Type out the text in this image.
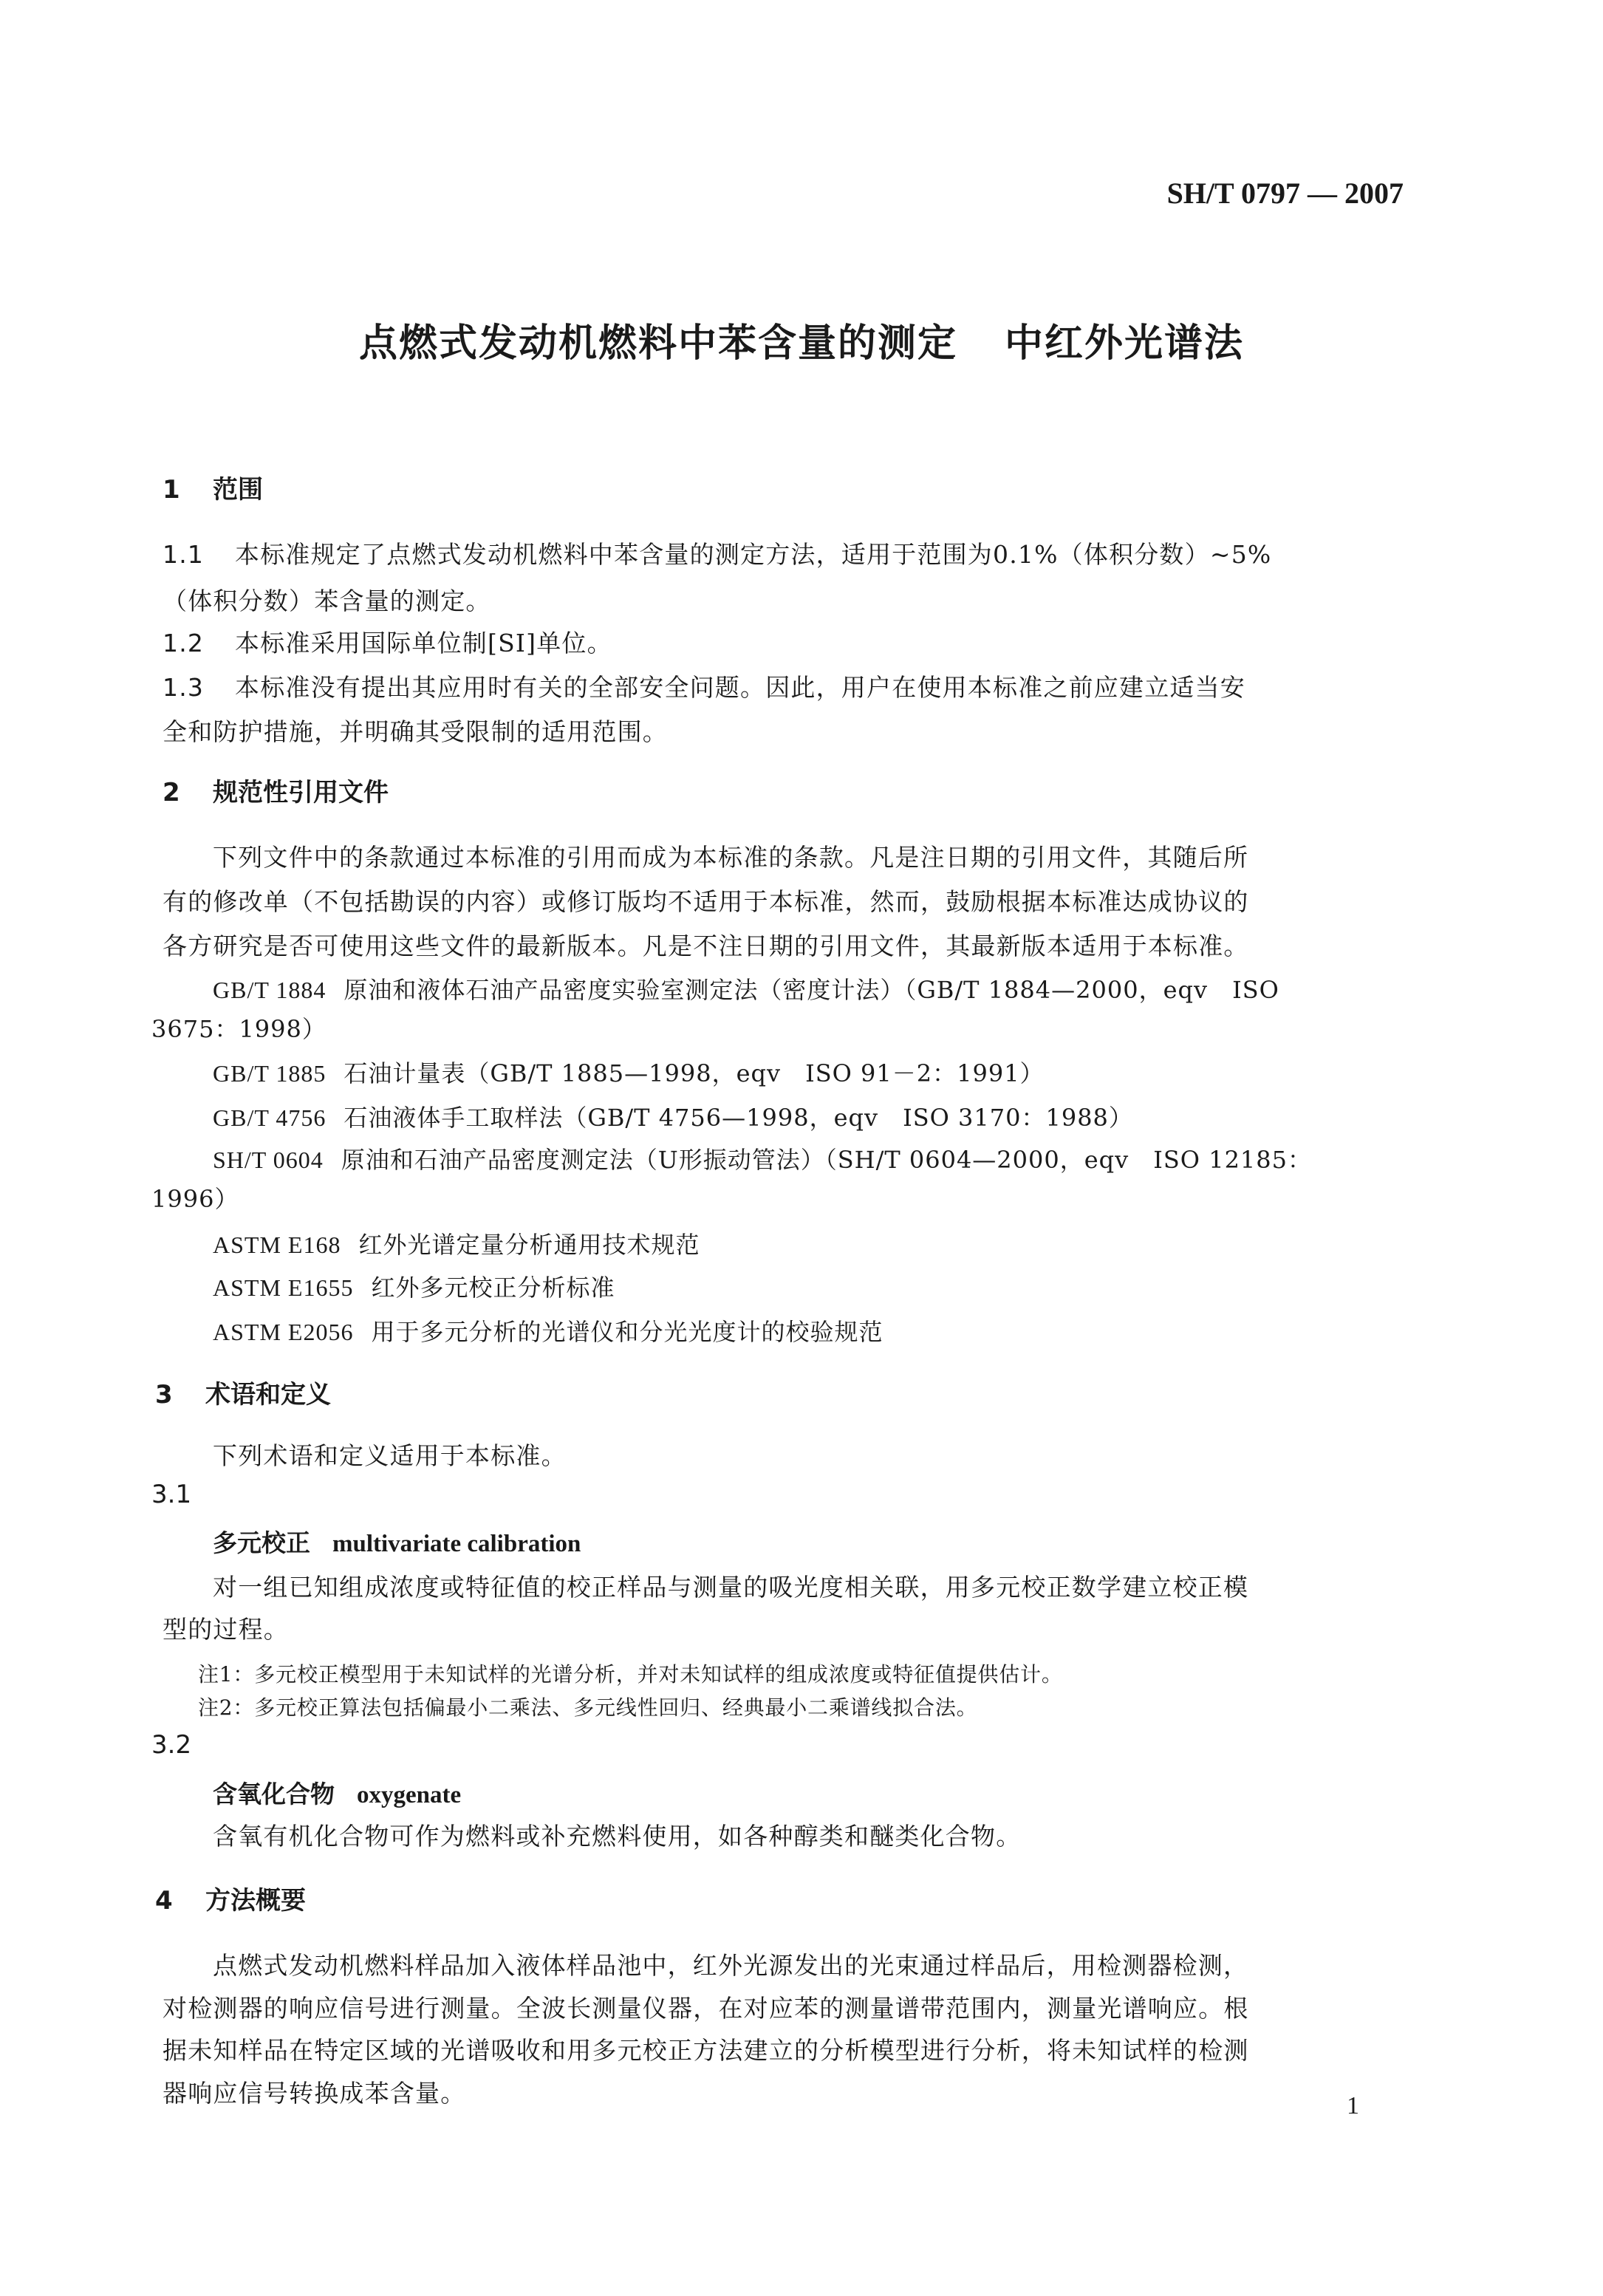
SH/T 0797 — 2007
点燃式发动机燃料中苯含量的测定 中红外光谱法
1 范围
1.1 本标准规定了点燃式发动机燃料中苯含量的测定方法，适用于范围为0.1%（体积分数）~5%
（体积分数）苯含量的测定。
1.2 本标准采用国际单位制[SI]单位。
1.3 本标准没有提出其应用时有关的全部安全问题。因此，用户在使用本标准之前应建立适当安
全和防护措施，并明确其受限制的适用范围。
2 规范性引用文件
下列文件中的条款通过本标准的引用而成为本标准的条款。凡是注日期的引用文件，其随后所
有的修改单（不包括勘误的内容）或修订版均不适用于本标准，然而，鼓励根据本标准达成协议的
各方研究是否可使用这些文件的最新版本。凡是不注日期的引用文件，其最新版本适用于本标准。
GB/T 1884 原油和液体石油产品密度实验室测定法（密度计法）（GB/T 1884—2000，eqv　ISO
3675：1998）
GB/T 1885 石油计量表（GB/T 1885—1998，eqv　ISO 91－2：1991）
GB/T 4756 石油液体手工取样法（GB/T 4756—1998，eqv　ISO 3170：1988）
SH/T 0604 原油和石油产品密度测定法（U形振动管法）（SH/T 0604—2000，eqv　ISO 12185：
1996）
ASTM E168 红外光谱定量分析通用技术规范
ASTM E1655 红外多元校正分析标准
ASTM E2056 用于多元分析的光谱仪和分光光度计的校验规范
3 术语和定义
下列术语和定义适用于本标准。
3.1
多元校正 multivariate calibration
对一组已知组成浓度或特征值的校正样品与测量的吸光度相关联，用多元校正数学建立校正模
型的过程。
注1：多元校正模型用于未知试样的光谱分析，并对未知试样的组成浓度或特征值提供估计。
注2：多元校正算法包括偏最小二乘法、多元线性回归、经典最小二乘谱线拟合法。
3.2
含氧化合物 oxygenate
含氧有机化合物可作为燃料或补充燃料使用，如各种醇类和醚类化合物。
4 方法概要
点燃式发动机燃料样品加入液体样品池中，红外光源发出的光束通过样品后，用检测器检测，
对检测器的响应信号进行测量。全波长测量仪器，在对应苯的测量谱带范围内，测量光谱响应。根
据未知样品在特定区域的光谱吸收和用多元校正方法建立的分析模型进行分析，将未知试样的检测
器响应信号转换成苯含量。	1
